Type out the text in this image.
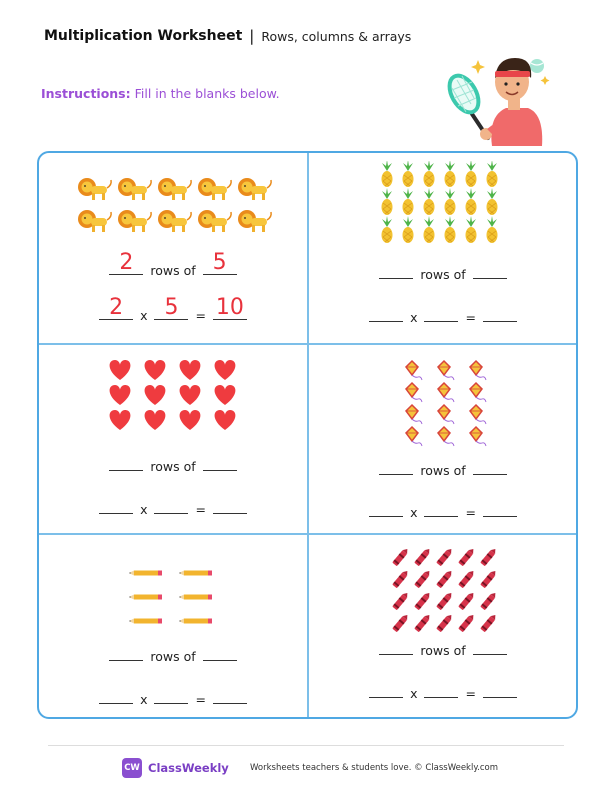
Multiplication Worksheet | Rows, columns & arrays
Instructions: Fill in the blanks below.
2	rows of 5
2	x 5	= 10
rows of
x	=
rows of
x	=
rows of
x	=
rows of
x	=
rows of
x	=
CW ClassWeekly Worksheets teachers & students love. © ClassWeekly.com
